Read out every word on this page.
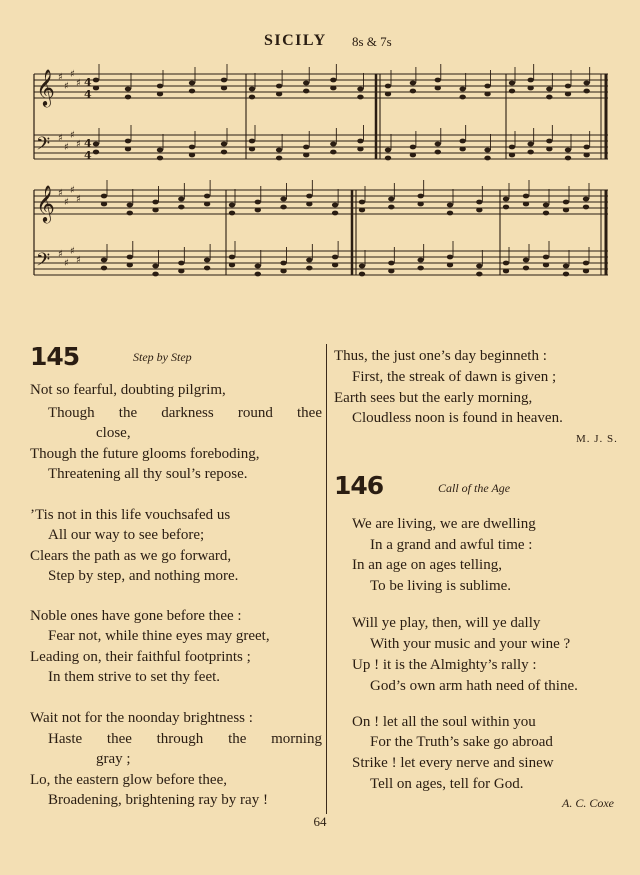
SICILY 8s & 7s
𝄞 ♯
♯
♯
♯ 4
4
𝄢 ♯
♯
♯
♯ 4
4
𝄞 ♯
♯
♯
♯
𝄢 ♯
♯
♯
♯
145	Step by Step
Not so fearful, doubting pilgrim,
Though the darkness round thee
close,
Though the future glooms foreboding,
Threatening all thy soul’s repose.
’Tis not in this life vouchsafed us
All our way to see before;
Clears the path as we go forward,
Step by step, and nothing more.
Noble ones have gone before thee :
Fear not, while thine eyes may greet,
Leading on, their faithful footprints ;
In them strive to set thy feet.
Wait not for the noonday brightness :
Haste thee through the morning
gray ;
Lo, the eastern glow before thee,
Broadening, brightening ray by ray !
Thus, the just one’s day beginneth :
First, the streak of dawn is given ;
Earth sees but the early morning,
Cloudless noon is found in heaven.
M. J. S.
146	Call of the Age
We are living, we are dwelling
In a grand and awful time :
In an age on ages telling,
To be living is sublime.
Will ye play, then, will ye dally
With your music and your wine ?
Up ! it is the Almighty’s rally :
God’s own arm hath need of thine.
On ! let all the soul within you
For the Truth’s sake go abroad
Strike ! let every nerve and sinew
Tell on ages, tell for God.
A. C. Coxe
64
